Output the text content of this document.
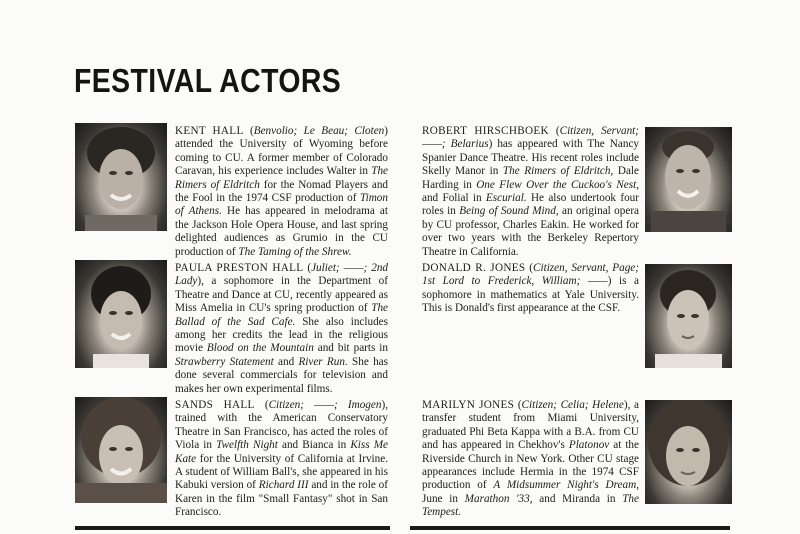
FESTIVAL ACTORS
KENT HALL (Benvolio; Le Beau; Cloten) attended the University of Wyoming before coming to CU. A former member of Colorado Caravan, his experience includes Walter in The Rimers of Eldritch for the Nomad Players and the Fool in the 1974 CSF production of Timon of Athens. He has appeared in melodrama at the Jackson Hole Opera House, and last spring delighted audiences as Grumio in the CU production of The Taming of the Shrew.
PAULA PRESTON HALL (Juliet; ——; 2nd Lady), a sophomore in the Department of Theatre and Dance at CU, recently appeared as Miss Amelia in CU's spring production of The Ballad of the Sad Cafe. She also includes among her credits the lead in the religious movie Blood on the Mountain and bit parts in Strawberry Statement and River Run. She has done several commercials for television and makes her own experimental films.
SANDS HALL (Citizen; ——; Imogen), trained with the American Conservatory Theatre in San Francisco, has acted the roles of Viola in Twelfth Night and Bianca in Kiss Me Kate for the University of California at Irvine. A student of William Ball's, she appeared in his Kabuki version of Richard III and in the role of Karen in the film "Small Fantasy" shot in San Francisco.
ROBERT HIRSCHBOEK (Citizen, Servant; ——; Belarius) has appeared with The Nancy Spanier Dance Theatre. His recent roles include Skelly Manor in The Rimers of Eldritch, Dale Harding in One Flew Over the Cuckoo's Nest, and Folial in Escurial. He also undertook four roles in Being of Sound Mind, an original opera by CU professor, Charles Eakin. He worked for over two years with the Berkeley Repertory Theatre in California.
DONALD R. JONES (Citizen, Servant, Page; 1st Lord to Frederick, William; ——) is a sophomore in mathematics at Yale University. This is Donald's first appearance at the CSF.
MARILYN JONES (Citizen; Celia; Helene), a transfer student from Miami University, graduated Phi Beta Kappa with a B.A. from CU and has appeared in Chekhov's Platonov at the Riverside Church in New York. Other CU stage appearances include Hermia in the 1974 CSF production of A Midsummer Night's Dream, June in Marathon '33, and Miranda in The Tempest.
